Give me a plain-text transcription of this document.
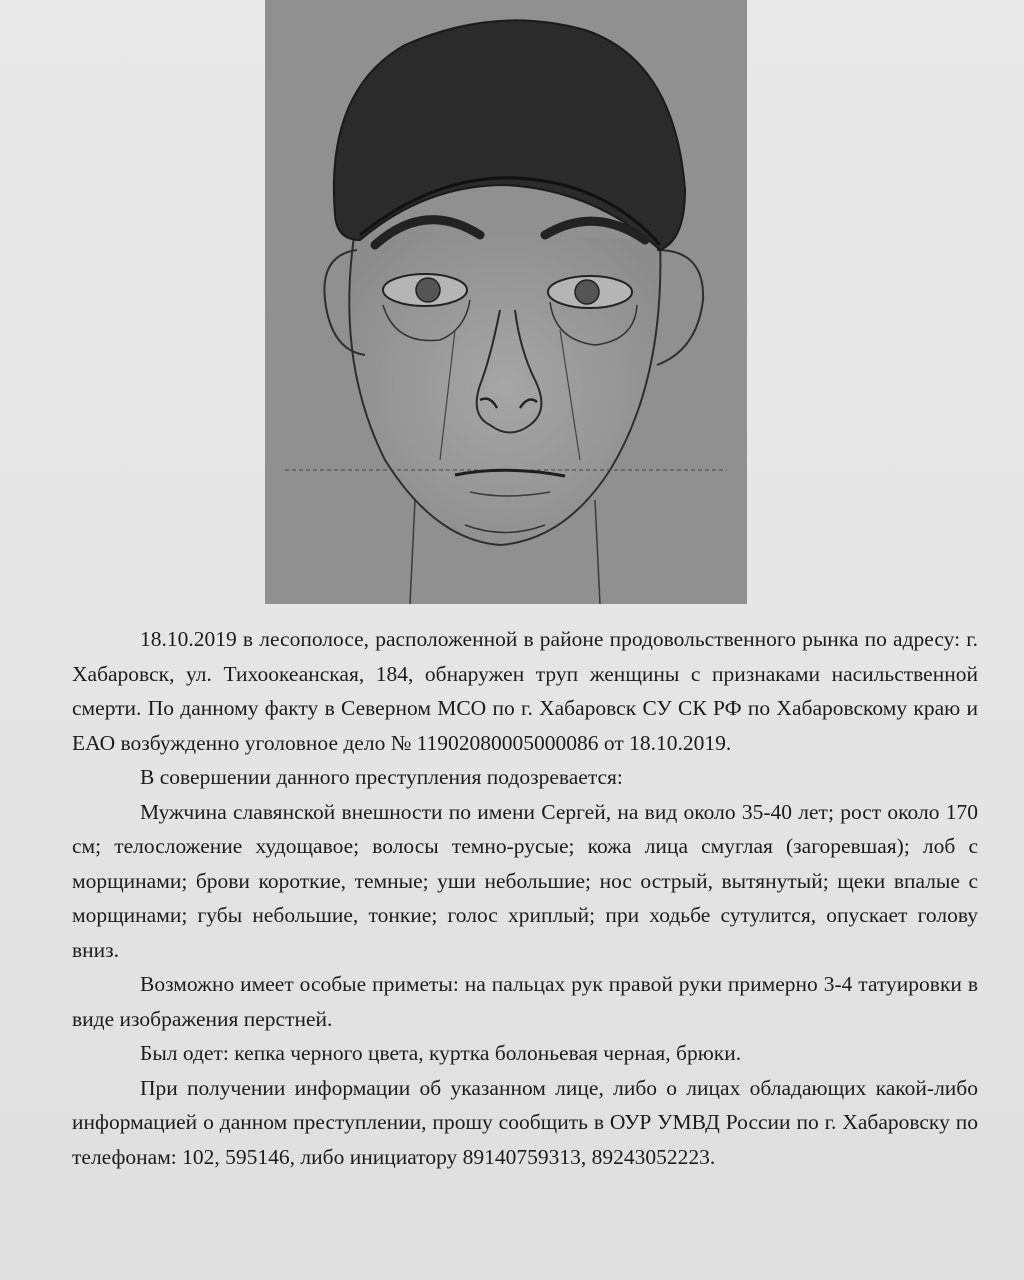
18.10.2019 в лесополосе, расположенной в районе продовольственного рынка по адресу: г. Хабаровск, ул. Тихоокеанская, 184, обнаружен труп женщины с признаками насильственной смерти. По данному факту в Северном МСО по г. Хабаровск СУ СК РФ по Хабаровскому краю и ЕАО возбужденно уголовное дело № 11902080005000086 от 18.10.2019.

В совершении данного преступления подозревается:

Мужчина славянской внешности по имени Сергей, на вид около 35-40 лет; рост около 170 см; телосложение худощавое; волосы темно-русые; кожа лица смуглая (загоревшая); лоб с морщинами; брови короткие, темные; уши небольшие; нос острый, вытянутый; щеки впалые с морщинами; губы небольшие, тонкие; голос хриплый; при ходьбе сутулится, опускает голову вниз.

Возможно имеет особые приметы: на пальцах рук правой руки примерно 3-4 татуировки в виде изображения перстней.

Был одет: кепка черного цвета, куртка болоньевая черная, брюки.

При получении информации об указанном лице, либо о лицах обладающих какой-либо информацией о данном преступлении, прошу сообщить в ОУР УМВД России по г. Хабаровску по телефонам: 102, 595146, либо инициатору 89140759313, 89243052223.
